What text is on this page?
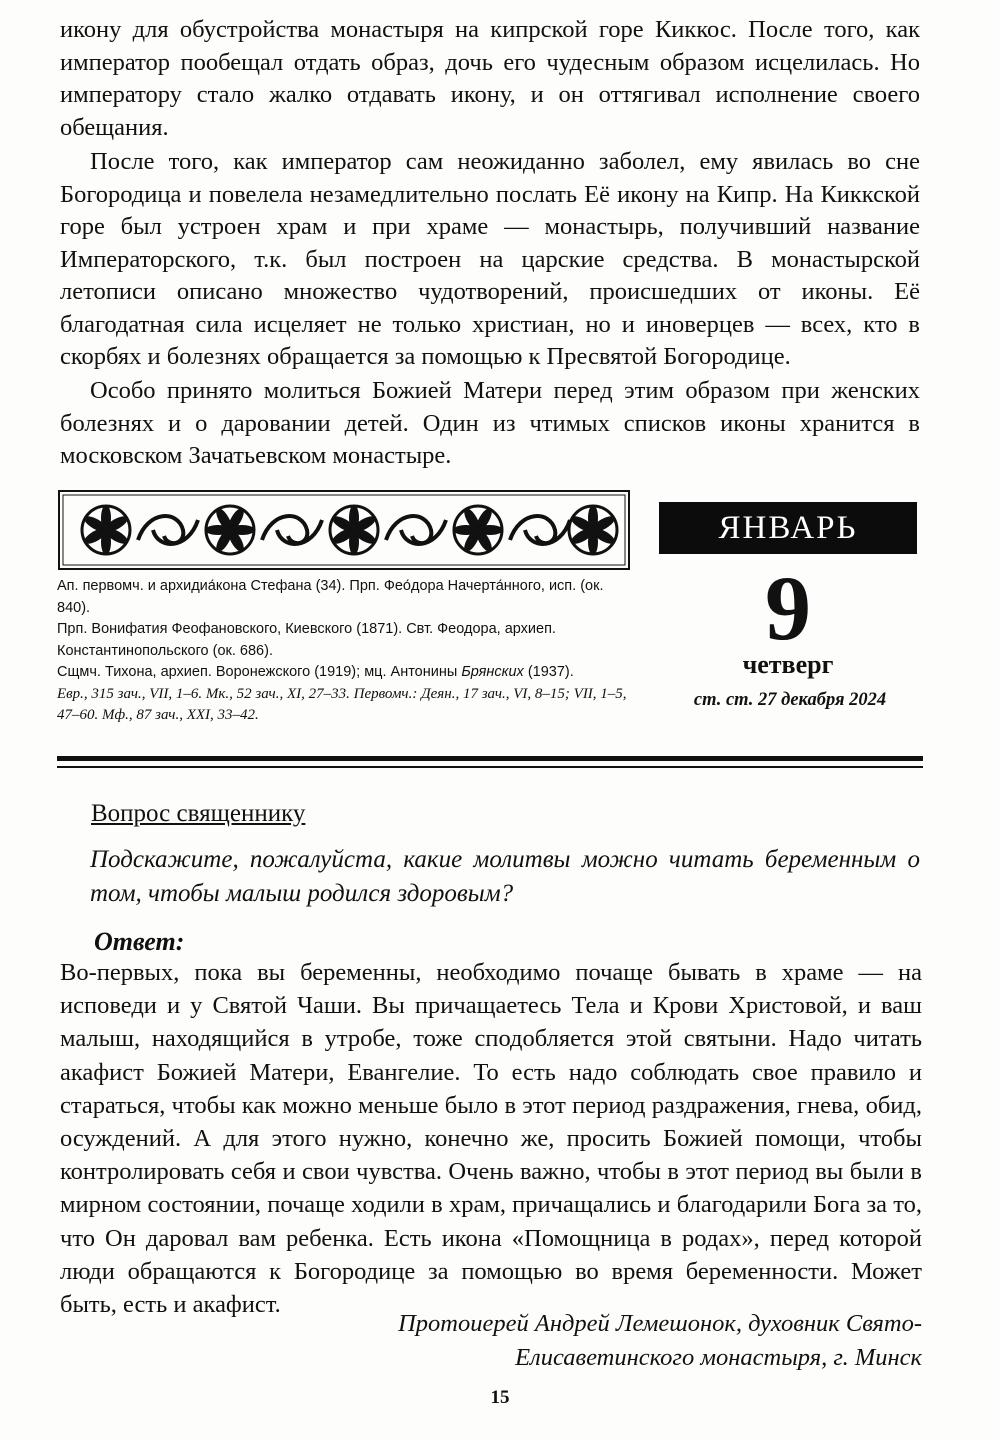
икону для обустройства монастыря на кипрской горе Киккос. После того, как император пообещал отдать образ, дочь его чудесным образом исцелилась. Но императору стало жалко отдавать икону, и он оттягивал исполнение своего обещания.

После того, как император сам неожиданно заболел, ему явилась во сне Богородица и повелела незамедлительно послать Её икону на Кипр. На Киккской горе был устроен храм и при храме — монастырь, получивший название Императорского, т.к. был построен на царские средства. В монастырской летописи описано множество чудотворений, происшедших от иконы. Её благодатная сила исцеляет не только христиан, но и иноверцев — всех, кто в скорбях и болезнях обращается за помощью к Пресвятой Богородице.

Особо принято молиться Божией Матери перед этим образом при женских болезнях и о даровании детей. Один из чтимых списков иконы хранится в московском Зачатьевском монастыре.

ЯНВАРЬ
9
четверг
ст. ст. 27 декабря 2024
Ап. первомч. и архидиа́кона Стефана (34). Прп. Фео́дора Начерта́нного, исп. (ок. 840).
Прп. Вонифатия Феофановского, Киевского (1871). Свт. Феодора, архиеп. Константинопольского (ок. 686).
Сщмч. Тихона, архиеп. Воронежского (1919); мц. Антонины Брянских (1937).
Евр., 315 зач., VII, 1–6. Мк., 52 зач., XI, 27–33. Первомч.: Деян., 17 зач., VI, 8–15; VII, 1–5, 47–60. Мф., 87 зач., XXI, 33–42.
Вопрос священнику

Подскажите, пожалуйста, какие молитвы можно читать беременным о том, чтобы малыш родился здоровым?

Ответ:

Во-первых, пока вы беременны, необходимо почаще бывать в храме — на исповеди и у Святой Чаши. Вы причащаетесь Тела и Крови Христовой, и ваш малыш, находящийся в утробе, тоже сподобляется этой святыни. Надо читать акафист Божией Матери, Евангелие. То есть надо соблюдать свое правило и стараться, чтобы как можно меньше было в этот период раздражения, гнева, обид, осуждений. А для этого нужно, конечно же, просить Божией помощи, чтобы контролировать себя и свои чувства. Очень важно, чтобы в этот период вы были в мирном состоянии, почаще ходили в храм, причащались и благодарили Бога за то, что Он даровал вам ребенка. Есть икона «Помощница в родах», перед которой люди обращаются к Богородице за помощью во время беременности. Может быть, есть и акафист.

Протоиерей Андрей Лемешонок, духовник Свято-
Елисаветинского монастыря, г. Минск
15
